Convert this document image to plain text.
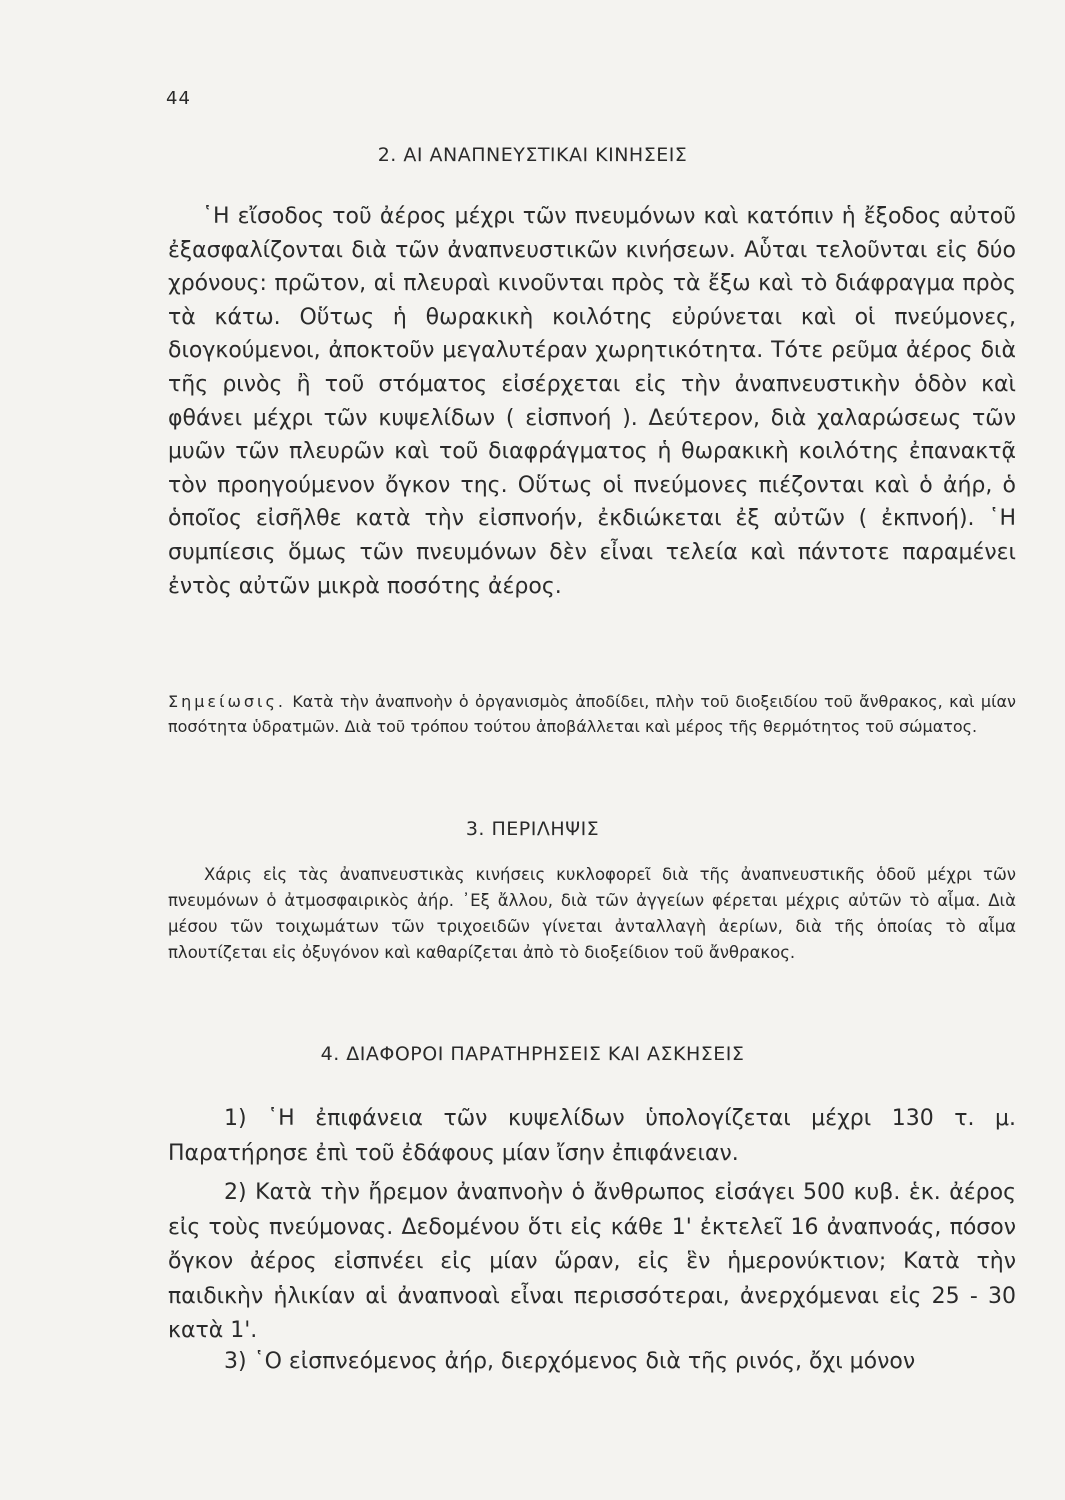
44
2. ΑΙ ΑΝΑΠΝΕΥΣΤΙΚΑΙ ΚΙΝΗΣΕΙΣ
῾Η εἴσοδος τοῦ ἀέρος μέχρι τῶν πνευμόνων καὶ κατόπιν ἡ ἔξοδος αὐτοῦ ἐξασφαλίζονται διὰ τῶν ἀναπνευστικῶν κινήσεων. Αὗται τελοῦνται εἰς δύο χρόνους: πρῶτον, αἱ πλευραὶ κινοῦνται πρὸς τὰ ἔξω καὶ τὸ διάφραγμα πρὸς τὰ κάτω. Οὕτως ἡ θωρακικὴ κοιλότης εὐρύνεται καὶ οἱ πνεύμονες, διογκούμενοι, ἀποκτοῦν μεγαλυτέραν χωρητικότητα. Τότε ρεῦμα ἀέρος διὰ τῆς ρινὸς ἢ τοῦ στόματος εἰσέρχεται εἰς τὴν ἀναπνευστικὴν ὁδὸν καὶ φθάνει μέχρι τῶν κυψελίδων ( εἰσπνοή ). Δεύτερον, διὰ χαλαρώσεως τῶν μυῶν τῶν πλευρῶν καὶ τοῦ διαφράγματος ἡ θωρακικὴ κοιλότης ἐπανακτᾷ τὸν προηγούμενον ὄγκον της. Οὕτως οἱ πνεύμονες πιέζονται καὶ ὁ ἀήρ, ὁ ὁποῖος εἰσῆλθε κατὰ τὴν εἰσπνοήν, ἐκδιώκεται ἐξ αὐτῶν ( ἐκπνοή). ῾Η συμπίεσις ὅμως τῶν πνευμόνων δὲν εἶναι τελεία καὶ πάντοτε παραμένει ἐντὸς αὐτῶν μικρὰ ποσότης ἀέρος.
Σημείωσις. Κατὰ τὴν ἀναπνοὴν ὁ ὀργανισμὸς ἀποδίδει, πλὴν τοῦ διοξειδίου τοῦ ἄνθρακος, καὶ μίαν ποσότητα ὑδρατμῶν. Διὰ τοῦ τρόπου τούτου ἀποβάλλεται καὶ μέρος τῆς θερμότητος τοῦ σώματος.
3. ΠΕΡΙΛΗΨΙΣ
Χάρις εἰς τὰς ἀναπνευστικὰς κινήσεις κυκλοφορεῖ διὰ τῆς ἀναπνευστικῆς ὁδοῦ μέχρι τῶν πνευμόνων ὁ ἀτμοσφαιρικὸς ἀήρ. ᾿Εξ ἄλλου, διὰ τῶν ἀγγείων φέρεται μέχρις αὐτῶν τὸ αἷμα. Διὰ μέσου τῶν τοιχωμάτων τῶν τριχοειδῶν γίνεται ἀνταλλαγὴ ἀερίων, διὰ τῆς ὁποίας τὸ αἷμα πλουτίζεται εἰς ὀξυγόνον καὶ καθαρίζεται ἀπὸ τὸ διοξείδιον τοῦ ἄνθρακος.
4. ΔΙΑΦΟΡΟΙ ΠΑΡΑΤΗΡΗΣΕΙΣ ΚΑΙ ΑΣΚΗΣΕΙΣ
1) ῾Η ἐπιφάνεια τῶν κυψελίδων ὑπολογίζεται μέχρι 130 τ. μ. Παρατήρησε ἐπὶ τοῦ ἐδάφους μίαν ἴσην ἐπιφάνειαν.
2) Κατὰ τὴν ἤρεμον ἀναπνοὴν ὁ ἄνθρωπος εἰσάγει 500 κυβ. ἑκ. ἀέρος εἰς τοὺς πνεύμονας. Δεδομένου ὅτι εἰς κάθε 1' ἐκτελεῖ 16 ἀναπνοάς, πόσον ὄγκον ἀέρος εἰσπνέει εἰς μίαν ὥραν, εἰς ἓν ἡμερονύκτιον; Κατὰ τὴν παιδικὴν ἡλικίαν αἱ ἀναπνοαὶ εἶναι περισσότεραι, ἀνερχόμεναι εἰς 25 - 30 κατὰ 1'.
3) ῾Ο εἰσπνεόμενος ἀήρ, διερχόμενος διὰ τῆς ρινός, ὄχι μόνον
